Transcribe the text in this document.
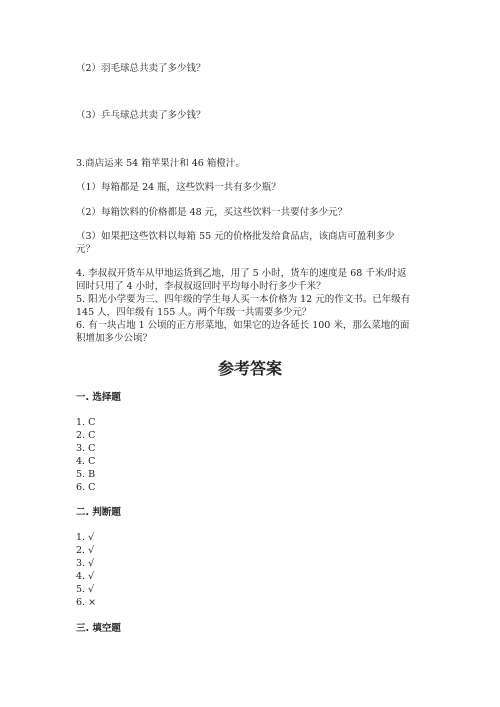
（2）羽毛球总共卖了多少钱？
（3）乒乓球总共卖了多少钱？
3.商店运来 54 箱苹果汁和 46 箱橙汁。
（1）每箱都是 24 瓶，这些饮料一共有多少瓶？
（2）每箱饮料的价格都是 48 元，买这些饮料一共要付多少元？
（3）如果把这些饮料以每箱 55 元的价格批发给食品店，该商店可盈利多少
元？
4. 李叔叔开货车从甲地运货到乙地，用了 5 小时，货车的速度是 68 千米/时返
回时只用了 4 小时，李叔叔返回时平均每小时行多少千米？
5. 阳光小学要为三、四年级的学生每人买一本价格为 12 元的作文书。已年级有
145 人，四年级有 155 人。两个年级一共需要多少元？
6. 有一块占地 1 公顷的正方形菜地，如果它的边各延长 100 米，那么菜地的面
积增加多少公顷？
参考答案
一. 选择题
1. C
2. C
3. C
4. C
5. B
6. C
二. 判断题
1. √
2. √
3. √
4. √
5. √
6. ×
三. 填空题
